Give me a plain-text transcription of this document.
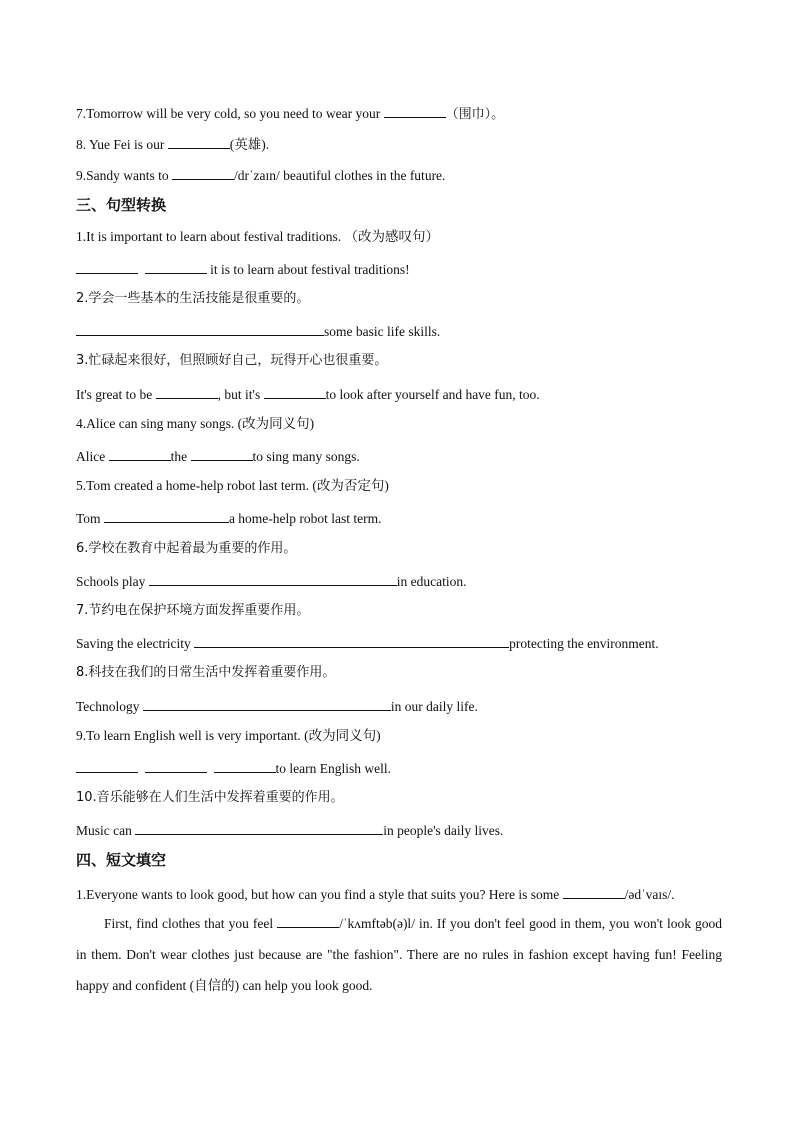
7.Tomorrow will be very cold, so you need to wear your	（围巾）。
8. Yue Fei is our	(英雄).
9.Sandy wants to	/drˈzaɪn/ beautiful clothes in the future.
三、句型转换
1.It is important to learn about festival traditions. （改为感叹句）
it is to learn about festival traditions!
2.学会一些基本的生活技能是很重要的。
some basic life skills.
3.忙碌起来很好，但照顾好自己，玩得开心也很重要。
It's great to be	, but it's	to look after yourself and have fun, too.
4.Alice can sing many songs. (改为同义句)
Alice	the	to sing many songs.
5.Tom created a home-help robot last term. (改为否定句)
Tom	a home-help robot last term.
6.学校在教育中起着最为重要的作用。
Schools play	in education.
7.节约电在保护环境方面发挥重要作用。
Saving the electricity	protecting the environment.
8.科技在我们的日常生活中发挥着重要作用。
Technology	in our daily life.
9.To learn English well is very important. (改为同义句)
to learn English well.
10.音乐能够在人们生活中发挥着重要的作用。
Music can	in people's daily lives.
四、短文填空
1.Everyone wants to look good, but how can you find a style that suits you? Here is some	/ədˈvaɪs/.
First, find clothes that you feel	/ˈkʌmftəb(ə)l/ in. If you don't feel good in them, you won't look good in them. Don't wear clothes just because are "the fashion". There are no rules in fashion except having fun! Feeling happy and confident (自信的) can help you look good.
